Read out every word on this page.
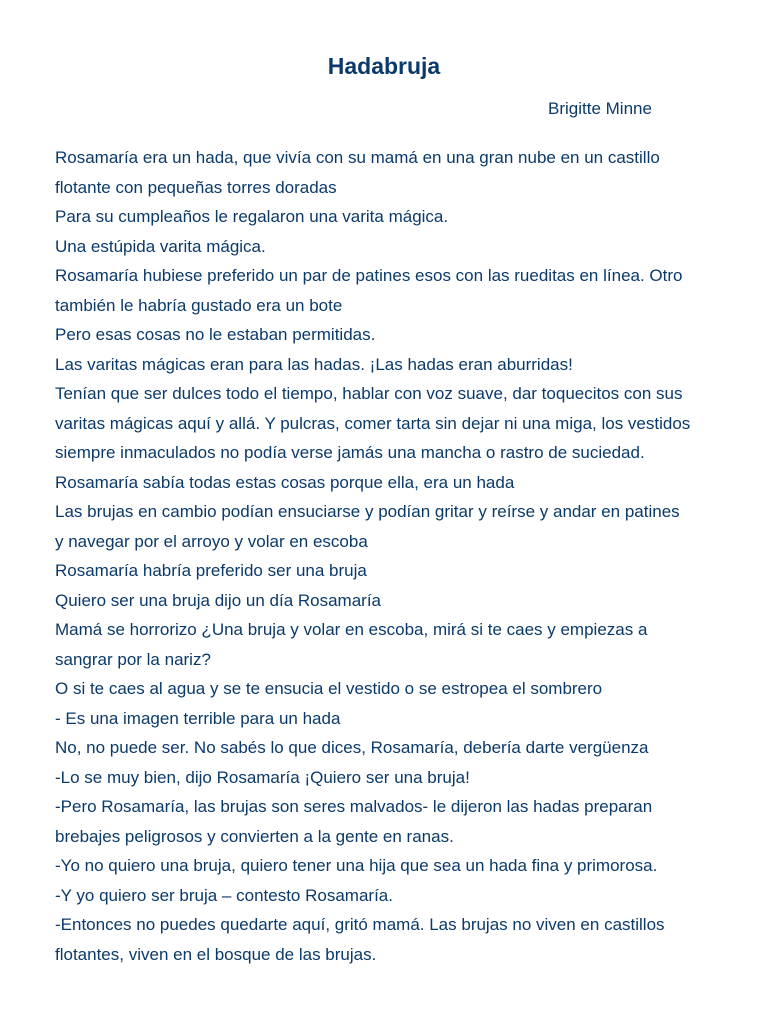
Hadabruja

Brigitte Minne

Rosamaría era un hada, que vivía con su mamá en una gran nube en un castillo

flotante con pequeñas torres doradas

Para su cumpleaños le regalaron una varita mágica.

Una estúpida varita mágica.

Rosamaría hubiese preferido un par de patines esos con las rueditas en línea. Otro

también le habría gustado era un bote

Pero esas cosas no le estaban permitidas.

Las varitas mágicas eran para las hadas. ¡Las hadas eran aburridas!

Tenían que ser dulces todo el tiempo, hablar con voz suave, dar toquecitos con sus

varitas mágicas aquí y allá. Y pulcras, comer tarta sin dejar ni una miga, los vestidos

siempre inmaculados no podía verse jamás una mancha o rastro de suciedad.

Rosamaría sabía todas estas cosas porque ella, era un hada

Las brujas en cambio podían ensuciarse y podían gritar y reírse y andar en patines

y navegar por el arroyo y volar en escoba

Rosamaría habría preferido ser una bruja

Quiero ser una bruja dijo un día Rosamaría

Mamá se horrorizo ¿Una bruja y volar en escoba, mirá si te caes y empiezas a

sangrar por la nariz?

O si te caes al agua y se te ensucia el vestido o se estropea el sombrero

- Es una imagen terrible para un hada

No, no puede ser. No sabés lo que dices, Rosamaría, debería darte vergüenza

-Lo se muy bien, dijo Rosamaría ¡Quiero ser una bruja!

-Pero Rosamaría, las brujas son seres malvados- le dijeron las hadas preparan

brebajes peligrosos y convierten a la gente en ranas.

-Yo no quiero una bruja, quiero tener una hija que sea un hada fina y primorosa.

-Y yo quiero ser bruja – contesto Rosamaría.

-Entonces no puedes quedarte aquí, gritó mamá. Las brujas no viven en castillos

flotantes, viven en el bosque de las brujas.
